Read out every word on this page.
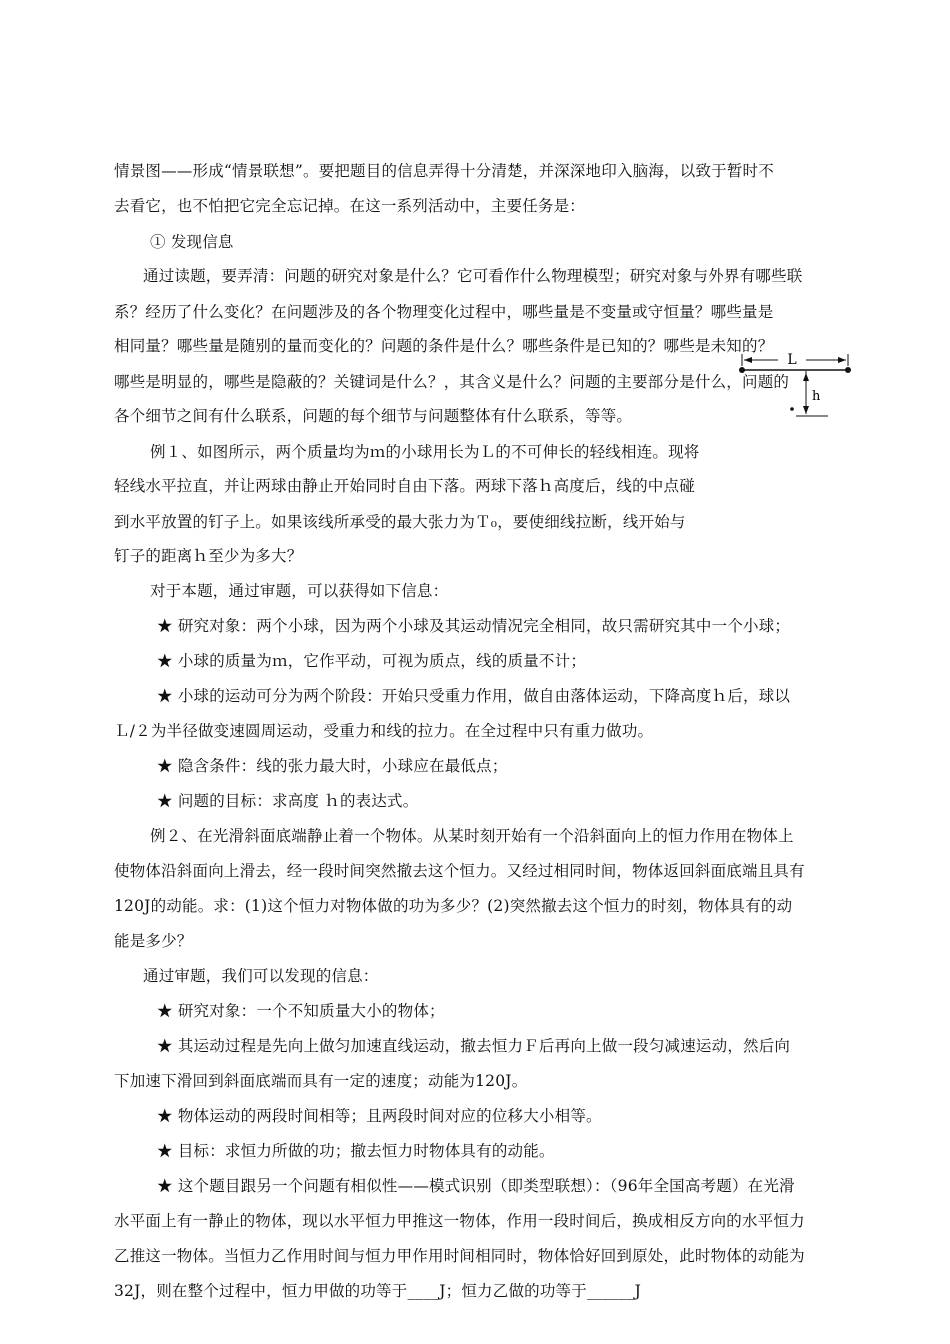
情景图——形成“情景联想”。要把题目的信息弄得十分清楚，并深深地印入脑海，以致于暂时不
去看它，也不怕把它完全忘记掉。在这一系列活动中，主要任务是：
① 发现信息
通过读题，要弄清：问题的研究对象是什么？它可看作什么物理模型；研究对象与外界有哪些联
系？经历了什么变化？在问题涉及的各个物理变化过程中，哪些量是不变量或守恒量？哪些量是
相同量？哪些量是随别的量而变化的？问题的条件是什么？哪些条件是已知的？哪些是未知的？
哪些是明显的，哪些是隐蔽的？关键词是什么？，其含义是什么？问题的主要部分是什么，问题的
各个细节之间有什么联系，问题的每个细节与问题整体有什么联系，等等。
例１、如图所示，两个质量均为ｍ的小球用长为Ｌ的不可伸长的轻线相连。现将
轻线水平拉直，并让两球由静止开始同时自由下落。两球下落ｈ高度后，线的中点碰
到水平放置的钉子上。如果该线所承受的最大张力为Ｔ₀，要使细线拉断，线开始与
钉子的距离ｈ至少为多大？
L
h
对于本题，通过审题，可以获得如下信息：
★ 研究对象：两个小球，因为两个小球及其运动情况完全相同，故只需研究其中一个小球；
★ 小球的质量为ｍ，它作平动，可视为质点，线的质量不计；
★ 小球的运动可分为两个阶段：开始只受重力作用，做自由落体运动，下降高度ｈ后，球以
Ｌ/２为半径做变速圆周运动，受重力和线的拉力。在全过程中只有重力做功。
★ 隐含条件：线的张力最大时，小球应在最低点；
★ 问题的目标：求高度 ｈ的表达式。
例２、在光滑斜面底端静止着一个物体。从某时刻开始有一个沿斜面向上的恒力作用在物体上
使物体沿斜面向上滑去，经一段时间突然撤去这个恒力。又经过相同时间，物体返回斜面底端且具有
120J的动能。求：(1)这个恒力对物体做的功为多少？(2)突然撤去这个恒力的时刻，物体具有的动
能是多少？
通过审题，我们可以发现的信息：
★ 研究对象：一个不知质量大小的物体；
★ 其运动过程是先向上做匀加速直线运动，撤去恒力Ｆ后再向上做一段匀减速运动，然后向
下加速下滑回到斜面底端而具有一定的速度；动能为120J。
★ 物体运动的两段时间相等；且两段时间对应的位移大小相等。
★ 目标：求恒力所做的功；撤去恒力时物体具有的动能。
★ 这个题目跟另一个问题有相似性——模式识别（即类型联想）：（96年全国高考题）在光滑
水平面上有一静止的物体，现以水平恒力甲推这一物体，作用一段时间后，换成相反方向的水平恒力
乙推这一物体。当恒力乙作用时间与恒力甲作用时间相同时，物体恰好回到原处，此时物体的动能为
32J，则在整个过程中，恒力甲做的功等于____J；恒力乙做的功等于______J
